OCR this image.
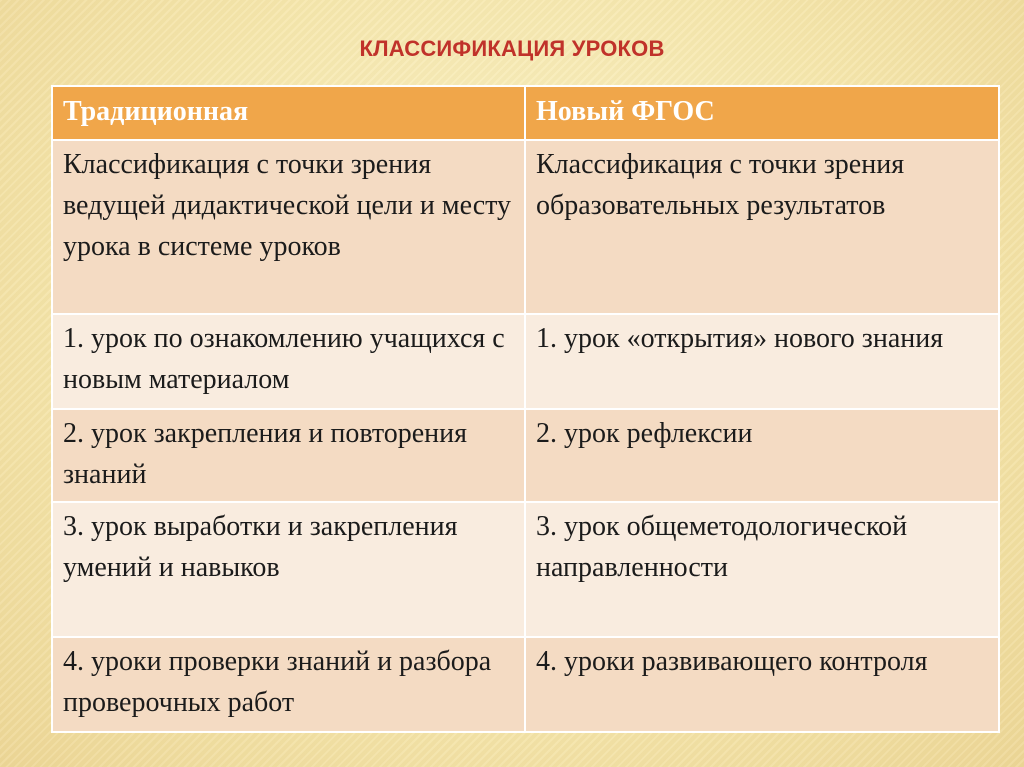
КЛАССИФИКАЦИЯ УРОКОВ
Традиционная	Новый ФГОС

Классификация с точки зрения ведущей дидактической цели и месту урока в системе уроков	Классификация с точки зрения образовательных результатов

1. урок по ознакомлению учащихся с новым материалом	1. урок «открытия» нового знания

2. урок закрепления и повторения знаний	2. урок рефлексии

3. урок выработки и закрепления умений и навыков	3. урок общеметодологической направленности

4. уроки проверки знаний и разбора проверочных работ	4. уроки развивающего контроля
